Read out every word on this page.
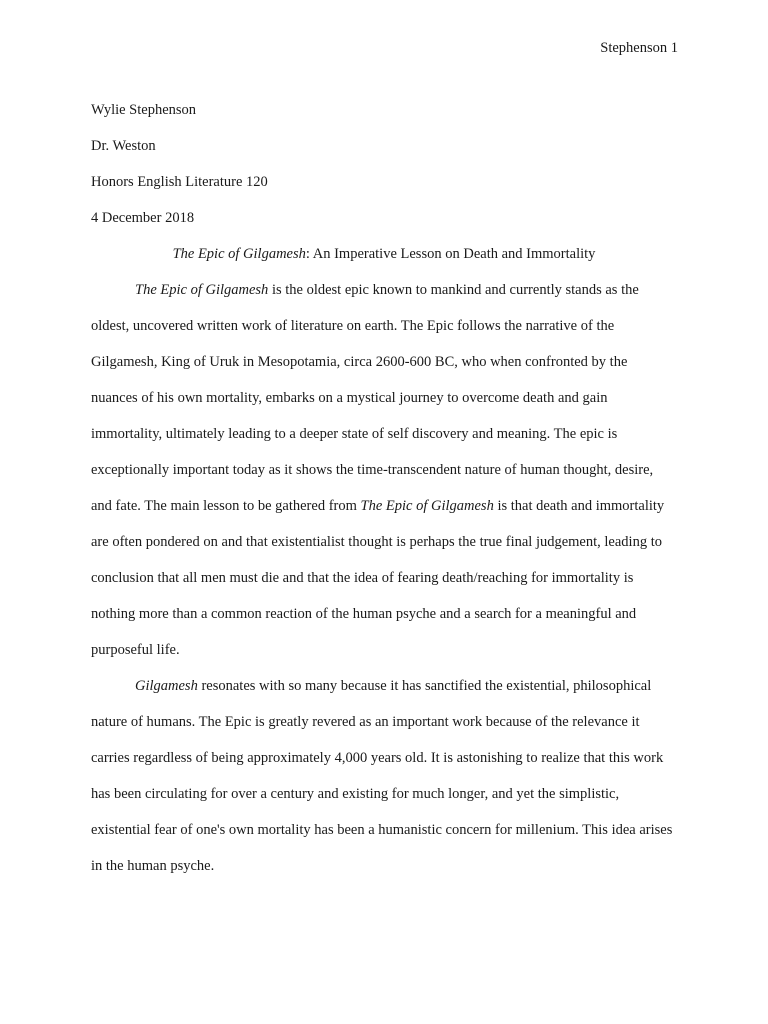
Stephenson 1

Wylie Stephenson

Dr. Weston

Honors English Literature 120

4 December 2018

The Epic of Gilgamesh: An Imperative Lesson on Death and Immortality

The Epic of Gilgamesh is the oldest epic known to mankind and currently stands as the oldest, uncovered written work of literature on earth. The Epic follows the narrative of the Gilgamesh, King of Uruk in Mesopotamia, circa 2600-600 BC, who when confronted by the nuances of his own mortality, embarks on a mystical journey to overcome death and gain immortality, ultimately leading to a deeper state of self discovery and meaning. The epic is exceptionally important today as it shows the time-transcendent nature of human thought, desire, and fate. The main lesson to be gathered from The Epic of Gilgamesh is that death and immortality are often pondered on and that existentialist thought is perhaps the true final judgement, leading to conclusion that all men must die and that the idea of fearing death/reaching for immortality is nothing more than a common reaction of the human psyche and a search for a meaningful and purposeful life.

Gilgamesh resonates with so many because it has sanctified the existential, philosophical nature of humans. The Epic is greatly revered as an important work because of the relevance it carries regardless of being approximately 4,000 years old. It is astonishing to realize that this work has been circulating for over a century and existing for much longer, and yet the simplistic, existential fear of one's own mortality has been a humanistic concern for millenium. This idea arises in the human psyche.
